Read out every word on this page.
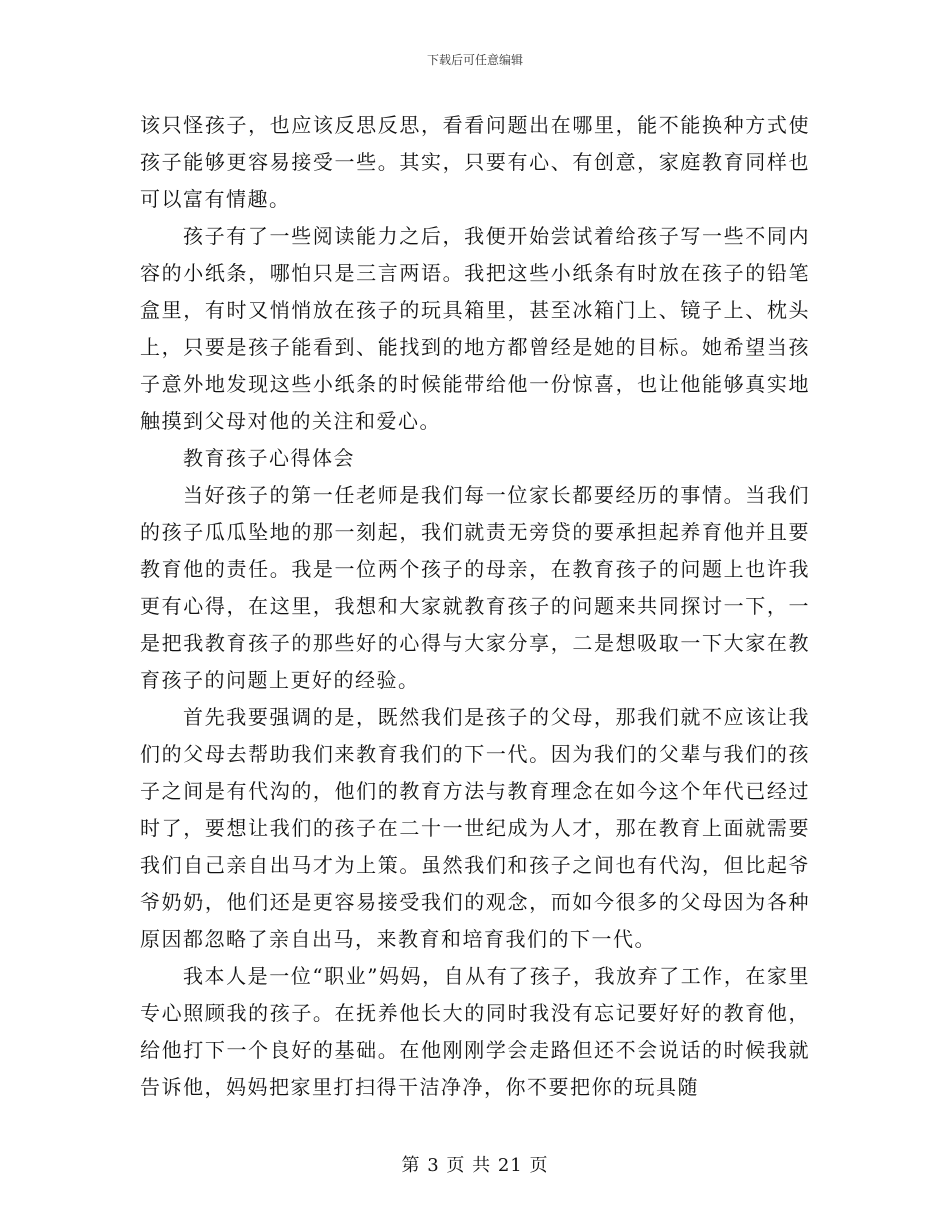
下载后可任意编辑

该只怪孩子，也应该反思反思，看看问题出在哪里，能不能换种方式使孩子能够更容易接受一些。其实，只要有心、有创意，家庭教育同样也可以富有情趣。

孩子有了一些阅读能力之后，我便开始尝试着给孩子写一些不同内容的小纸条，哪怕只是三言两语。我把这些小纸条有时放在孩子的铅笔盒里，有时又悄悄放在孩子的玩具箱里，甚至冰箱门上、镜子上、枕头上，只要是孩子能看到、能找到的地方都曾经是她的目标。她希望当孩子意外地发现这些小纸条的时候能带给他一份惊喜，也让他能够真实地触摸到父母对他的关注和爱心。

教育孩子心得体会

当好孩子的第一任老师是我们每一位家长都要经历的事情。当我们的孩子瓜瓜坠地的那一刻起，我们就责无旁贷的要承担起养育他并且要教育他的责任。我是一位两个孩子的母亲，在教育孩子的问题上也许我更有心得，在这里，我想和大家就教育孩子的问题来共同探讨一下，一是把我教育孩子的那些好的心得与大家分享，二是想吸取一下大家在教育孩子的问题上更好的经验。

首先我要强调的是，既然我们是孩子的父母，那我们就不应该让我们的父母去帮助我们来教育我们的下一代。因为我们的父辈与我们的孩子之间是有代沟的，他们的教育方法与教育理念在如今这个年代已经过时了，要想让我们的孩子在二十一世纪成为人才，那在教育上面就需要我们自己亲自出马才为上策。虽然我们和孩子之间也有代沟，但比起爷爷奶奶，他们还是更容易接受我们的观念，而如今很多的父母因为各种原因都忽略了亲自出马，来教育和培育我们的下一代。

我本人是一位“职业”妈妈，自从有了孩子，我放弃了工作，在家里专心照顾我的孩子。在抚养他长大的同时我没有忘记要好好的教育他，给他打下一个良好的基础。在他刚刚学会走路但还不会说话的时候我就告诉他，妈妈把家里打扫得干洁净净，你不要把你的玩具随

第 3 页 共 21 页
